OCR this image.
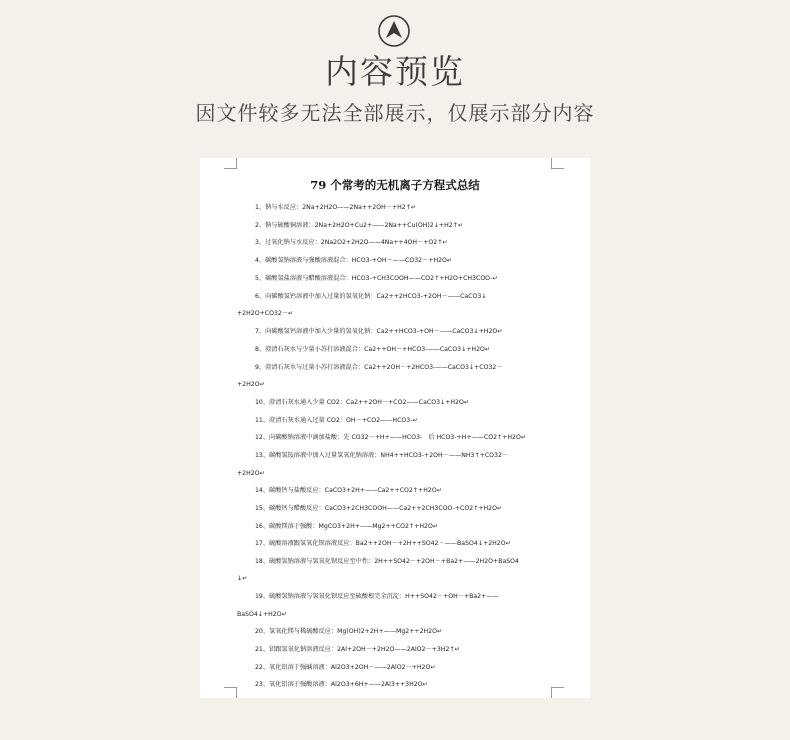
内容预览
因文件较多无法全部展示，仅展示部分内容
79 个常考的无机离子方程式总结
1、钠与水反应：2Na+2H2O——2Na++2OH－+H2↑↵
2、钠与硫酸铜溶液：2Na+2H2O+Cu2+——2Na++Cu(OH)2↓+H2↑↵
3、过氧化钠与水反应：2Na2O2+2H2O——4Na++4OH－+O2↑↵
4、碳酸氢钠溶液与强酸溶液混合：HCO3-+OH－——CO32－+H2O↵
5、碳酸氢盐溶液与醋酸溶液混合：HCO3-+CH3COOH——CO2↑+H2O+CH3COO-↵
6、向碳酸氢钙溶液中加入过量的氢氧化钠：Ca2++2HCO3-+2OH－——CaCO3↓
+2H2O+CO32－↵
7、向碳酸氢钙溶液中加入少量的氢氧化钠：Ca2++HCO3-+OH－——CaCO3↓+H2O↵
8、澄清石灰水与少量小苏打溶液混合：Ca2++OH－+HCO3-——CaCO3↓+H2O↵
9、澄清石灰水与过量小苏打溶液混合：Ca2++2OH－+2HCO3-——CaCO3↓+CO32－
+2H2O↵
10、澄清石灰水通入少量 CO2：Ca2++2OH－+CO2——CaCO3↓+H2O↵
11、澄清石灰水通入过量 CO2：OH－+CO2——HCO3-↵
12、向碳酸钠溶液中滴加盐酸：先 CO32－+H+——HCO3-　后 HCO3-+H+——CO2↑+H2O↵
13、碳酸氢铵溶液中加入过量氢氧化钠溶液：NH4++HCO3-+2OH－——NH3↑+CO32－
+2H2O↵
14、碳酸钙与盐酸反应：CaCO3+2H+——Ca2++CO2↑+H2O↵
15、碳酸钙与醋酸反应：CaCO3+2CH3COOH——Ca2++2CH3COO-+CO2↑+H2O↵
16、碳酸镁溶于强酸：MgCO3+2H+——Mg2++CO2↑+H2O↵
17、硫酸溶液跟氢氧化钡溶液反应：Ba2++2OH－+2H++SO42－——BaSO4↓+2H2O↵
18、硫酸氢钠溶液与氢氧化钡反应至中性：2H++SO42－+2OH－+Ba2+——2H2O+BaSO4
↓↵
19、硫酸氢钠溶液与氢氧化钡反应至硫酸根完全沉淀：H++SO42－+OH－+Ba2+——
BaSO4↓+H2O↵
20、氢氧化镁与稀硫酸反应：Mg(OH)2+2H+——Mg2++2H2O↵
21、铝跟氢氧化钠溶液反应：2Al+2OH－+2H2O——2AlO2－+3H2↑↵
22、氧化铝溶于强碱溶液：Al2O3+2OH－——2AlO2－+H2O↵
23、氧化铝溶于强酸溶液：Al2O3+6H+——2Al3++3H2O↵
